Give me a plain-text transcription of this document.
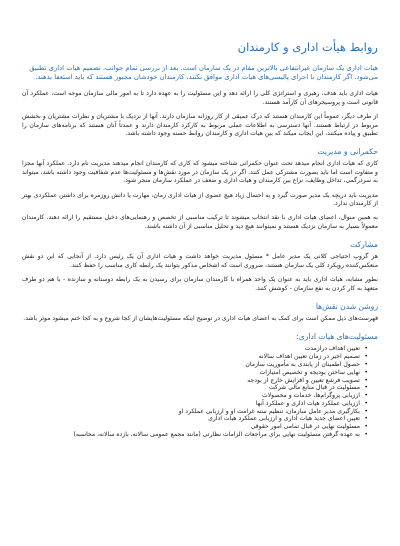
روابط هیأت اداری و کارمندان

هیات اداری یک سازمان غیرانتفاعی بالاترین مقام در یک سازمان است. بعد از بررسی تمام جوانب، تصمیم هیات اداری تطبیق می‌شود. اگر کارمندان با اجرای پالیسی‌های هیات اداری موافق نکنند، کارمندان خودشان مجبور هستند که باید استعفا بدهند.

هیات اداری باید هدف، رهبری و استراتژی کلی را ارائه دهد و این مسئولیت را به عهده دارد تا به امور مالی سازمان موجه است، عملکرد آن قانونی است و پروسیجرهای آن کارآمد هستند.

از طرف دیگر، عموماً این کارمندان هستند که درک عمیقی از کار روزانه سازمان دارند. آنها از نزدیک با مشتریان و نظرات مشتریان و بخشش مربوط در ارتباط هستند. آنها دسترسی به اطلاعات عملی مربوط به کارکرد کارمندان دارند و عمدتاً آنان هستند که برنامه‌های سازمان را تطبیق و پیاده میکنند. این ایجاب میکند که بین هیات اداری و کارمندان روابط حسنه وجود داشته باشد.

حکمرانی و مدیریت

کاری که هیات اداری انجام میدهد تحت عنوان حکمرانی شناخته میشود که کاری که کارمندان انجام میدهند مدیریت نام دارد. عملکرد آنها مجزا و متفاوت است اما باید بصورت مشترکی عمل کنند. اگر در یک سازمان در مورد نقش‌ها و مسئولیت‌ها عدم شفافیت وجود داشته باشد، میتواند به سردرگمی، تداخل وظایف، نزاع بین کارمندان و هیات اداری و ضعف در عملکرد سازمان منجر شود.

مدیریت باید دریچه یک مدیر صورت گیرد و به احتمال زیاد هیچ عضوی از هیات اداری زمان، مهارت یا دانش روزمره برای داشتن عملکردی بهتر از کارمندان ندارد.

به همین منوال، اعضای هیات اداری با نقد انتخاب میشوند تا ترکیب مناسبی از تخصص و رهنمایی‌های دخیل مستقیم را ارائه دهند. کارمندان معمولاً بسیار به سازمان نزدیک هستند و نمیتوانند هیچ دید و تحلیل مناسبی از آن داشته باشند.

مشارکت

هر گروپ احتیاجی کلانی یک مدیر عامل * مسئول مدیریت خواهد داشت و هیات اداری آن یک رئیس دارد. از آنجایی که این دو نقش منعکس‌کننده رویکرد کلی یک سازمان هستند، ضروری است که اشخاص مذکور بتوانند یک رابطه کاری مناسب را حفظ کنند.

بطور مشابه، هیات اداری باید به عنوان یک واحد همراه با کارمندان سازمان برای رسیدن به یک رابطه دوستانه و سازنده - با هم دو طرف متعهد به کار کردن به نفع سازمان - کوشش کنند.

روشن شدن نقش‌ها

فهرست‌های ذیل ممکن است برای کمک به اعضای هیات اداری در توضیح اینکه مسئولیت‌هایشان از کجا شروع و به کجا ختم میشود موثر باشد.

مسئولیت‌های هیات اداری:
• تعیین اهداف درازمدت
• تصمیم اخیر در زمان تعیین اهداف سالانه
• حصول اطمینان از پابندی به مأموریت سازمان
• نهایی ساختن بودیجه و تخصیص امتیازات
• تصویب فرشع تعیین و افزایش خارج از بودجه
• مسئولیت در قبال منابع مالی شرکت
• ارزیابی پروگرام‌ها، خدمات و محصولات
• ارزیابی عملکرد هیات اداری و عملکرد آنها
• بکارگیری مدیر عامل سازمان، تنظیم سته غرامت او و ارزیابی عملکرد او
• تعیین اعضای جدید هیات اداری و ارزیابی عملکرد هیات اداری
• مسئولیت نهایی در قبال تمامی امور حقوقی
• به عهده گرفتن مسئولیت نهایی برای مراجعات الزامات نظارتی (مانند مجمع عمومی سالانه، بازده سالانه، محاسبه)
